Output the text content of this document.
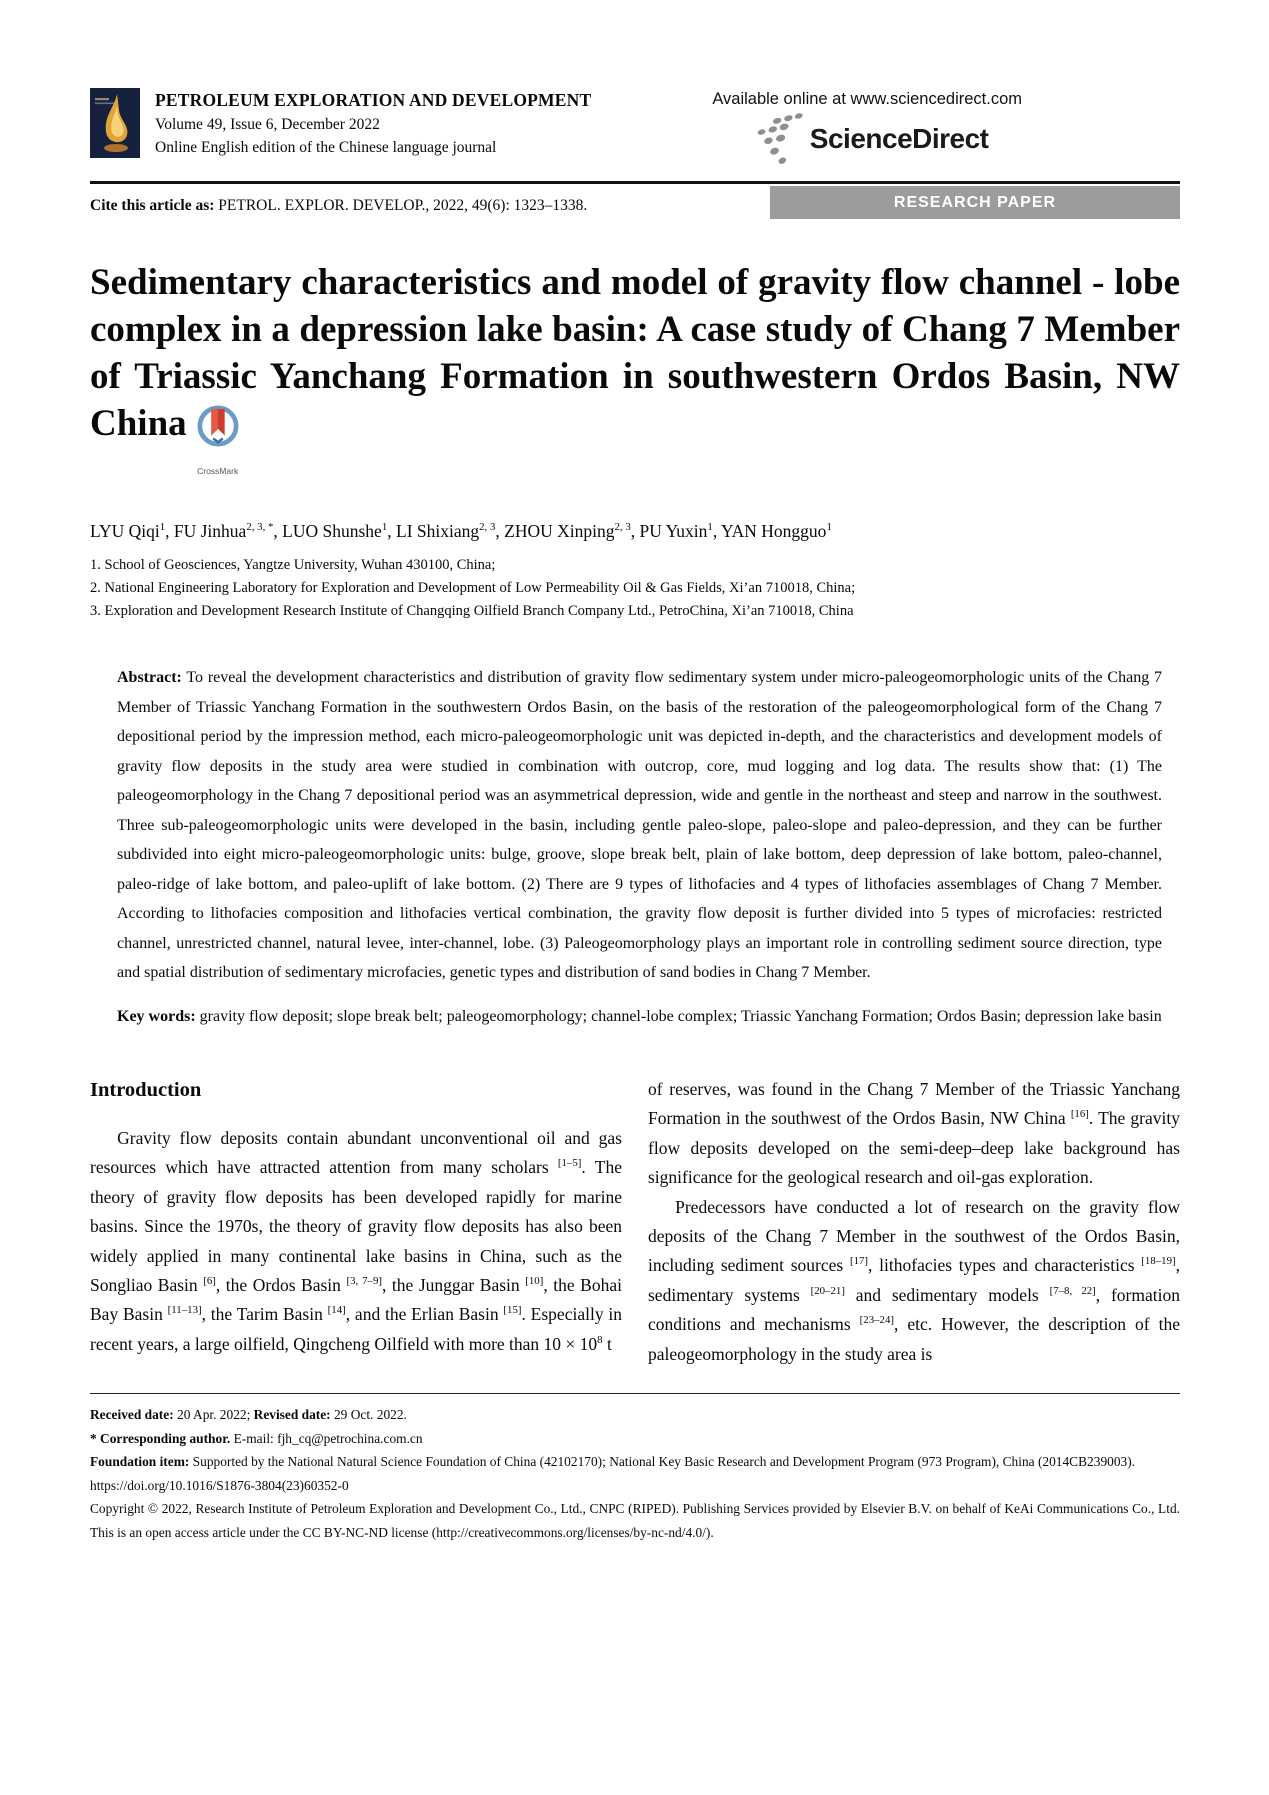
PETROLEUM EXPLORATION AND DEVELOPMENT
Volume 49, Issue 6, December 2022
Online English edition of the Chinese language journal
Available online at www.sciencedirect.com
ScienceDirect
Cite this article as: PETROL. EXPLOR. DEVELOP., 2022, 49(6): 1323–1338.	RESEARCH PAPER
Sedimentary characteristics and model of gravity flow channel - lobe complex in a depression lake basin: A case study of Chang 7 Member of Triassic Yanchang Formation in southwestern Ordos Basin, NW China
CrossMark
LYU Qiqi$^1$, FU Jinhua$^{2, 3, *}$, LUO Shunshe$^1$, LI Shixiang$^{2, 3}$, ZHOU Xinping$^{2, 3}$, PU Yuxin$^1$, YAN Hongguo$^1$
1. School of Geosciences, Yangtze University, Wuhan 430100, China;
2. National Engineering Laboratory for Exploration and Development of Low Permeability Oil & Gas Fields, Xi’an 710018, China;
3. Exploration and Development Research Institute of Changqing Oilfield Branch Company Ltd., PetroChina, Xi’an 710018, China
Abstract: To reveal the development characteristics and distribution of gravity flow sedimentary system under micro-paleogeomorphologic units of the Chang 7 Member of Triassic Yanchang Formation in the southwestern Ordos Basin, on the basis of the restoration of the paleogeomorphological form of the Chang 7 depositional period by the impression method, each micro-paleogeomorphologic unit was depicted in-depth, and the characteristics and development models of gravity flow deposits in the study area were studied in combination with outcrop, core, mud logging and log data. The results show that: (1) The paleogeomorphology in the Chang 7 depositional period was an asymmetrical depression, wide and gentle in the northeast and steep and narrow in the southwest. Three sub-paleogeomorphologic units were developed in the basin, including gentle paleo-slope, paleo-slope and paleo-depression, and they can be further subdivided into eight micro-paleogeomorphologic units: bulge, groove, slope break belt, plain of lake bottom, deep depression of lake bottom, paleo-channel, paleo-ridge of lake bottom, and paleo-uplift of lake bottom. (2) There are 9 types of lithofacies and 4 types of lithofacies assemblages of Chang 7 Member. According to lithofacies composition and lithofacies vertical combination, the gravity flow deposit is further divided into 5 types of microfacies: restricted channel, unrestricted channel, natural levee, inter-channel, lobe. (3) Paleogeomorphology plays an important role in controlling sediment source direction, type and spatial distribution of sedimentary microfacies, genetic types and distribution of sand bodies in Chang 7 Member.
Key words: gravity flow deposit; slope break belt; paleogeomorphology; channel-lobe complex; Triassic Yanchang Formation; Ordos Basin; depression lake basin
Introduction

Gravity flow deposits contain abundant unconventional oil and gas resources which have attracted attention from many scholars [1–5]. The theory of gravity flow deposits has been developed rapidly for marine basins. Since the 1970s, the theory of gravity flow deposits has also been widely applied in many continental lake basins in China, such as the Songliao Basin [6], the Ordos Basin [3, 7–9], the Junggar Basin [10], the Bohai Bay Basin [11–13], the Tarim Basin [14], and the Erlian Basin [15]. Especially in recent years, a large oilfield, Qingcheng Oilfield with more than $10 \times 10^8$ t

of reserves, was found in the Chang 7 Member of the Triassic Yanchang Formation in the southwest of the Ordos Basin, NW China [16]. The gravity flow deposits developed on the semi-deep–deep lake background has significance for the geological research and oil-gas exploration.

Predecessors have conducted a lot of research on the gravity flow deposits of the Chang 7 Member in the southwest of the Ordos Basin, including sediment sources [17], lithofacies types and characteristics [18–19], sedimentary systems [20–21] and sedimentary models [7–8, 22], formation conditions and mechanisms [23–24], etc. However, the description of the paleogeomorphology in the study area is

Received date: 20 Apr. 2022; Revised date: 29 Oct. 2022.
* Corresponding author. E-mail: fjh_cq@petrochina.com.cn
Foundation item: Supported by the National Natural Science Foundation of China (42102170); National Key Basic Research and Development Program (973 Program), China (2014CB239003).
https://doi.org/10.1016/S1876-3804(23)60352-0
Copyright © 2022, Research Institute of Petroleum Exploration and Development Co., Ltd., CNPC (RIPED). Publishing Services provided by Elsevier B.V. on behalf of KeAi Communications Co., Ltd. This is an open access article under the CC BY-NC-ND license (http://creativecommons.org/licenses/by-nc-nd/4.0/).
